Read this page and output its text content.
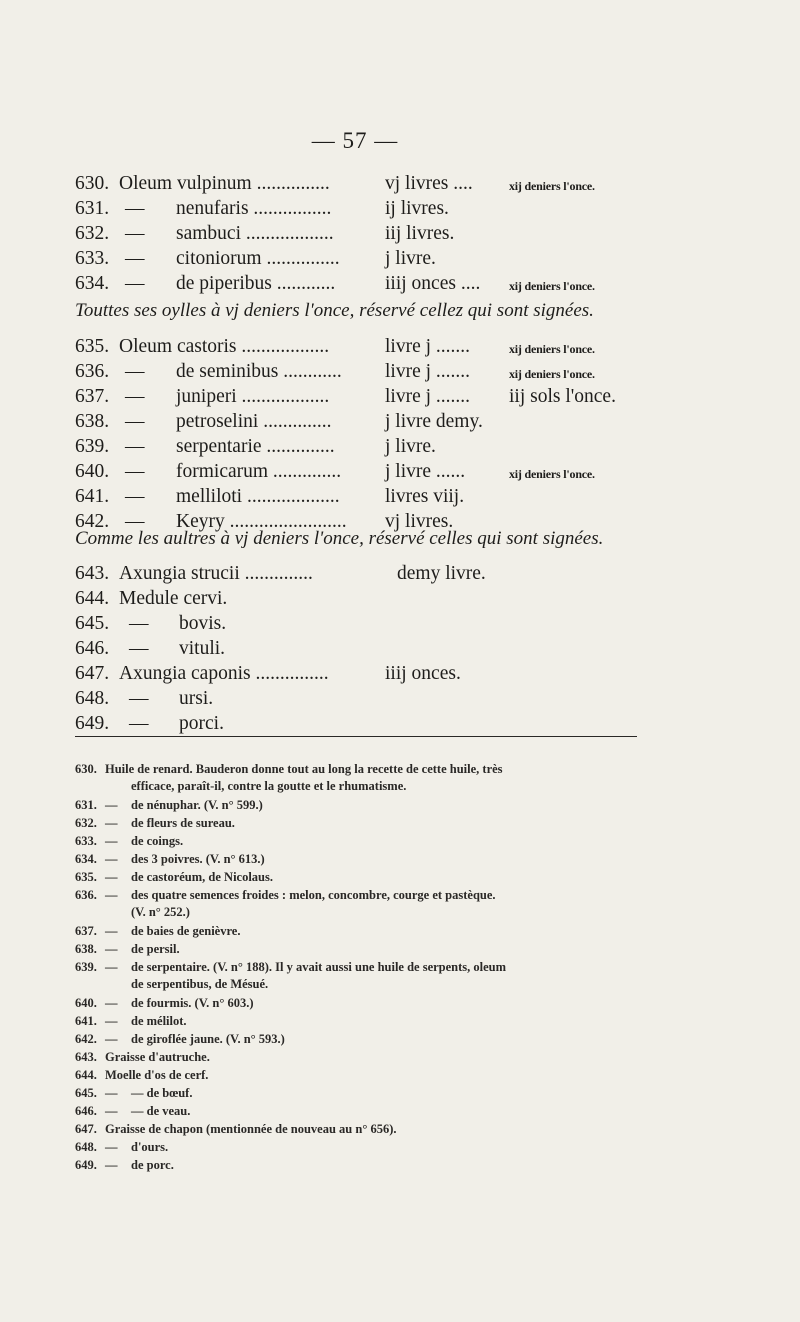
— 57 —
630. Oleum vulpinum ...............	vj livres ....	xij deniers l'once.
631. — nenufaris ................	ij livres.
632. — sambuci ..................	iij livres.
633. — citoniorum ............... j livre.
634. — de piperibus ............	iiij onces .... xij deniers l'once.
Touttes ses oylles à vj deniers l'once, réservé cellez qui sont signées.
635. Oleum castoris ..................	livre j .......	xij deniers l'once.
636. — de seminibus ............ livre j .......	xij deniers l'once.
637. — juniperi ..................	livre j ....... iij sols l'once.
638. — petroselini ..............	j livre demy.
639. — serpentarie ..............	j livre.
640. — formicarum .............. j livre ......	xij deniers l'once.
641. — melliloti ................... livres viij.
642. — Keyry ........................ vj livres.
Comme les aultres à vj deniers l'once, réservé celles qui sont signées.
643. Axungia strucii ..............	demy livre.
644. Medule cervi.
645. — bovis.
646. — vituli.
647. Axungia caponis ...............	iiij onces.
648. — ursi.
649. — porci.
630. Huile de renard. Bauderon donne tout au long la recette de cette huile, très
efficace, paraît-il, contre la goutte et le rhumatisme.
631. — de nénuphar. (V. n° 599.)
632. — de fleurs de sureau.
633. — de coings.
634. — des 3 poivres. (V. n° 613.)
635. — de castoréum, de Nicolaus.
636. — des quatre semences froides : melon, concombre, courge et pastèque.
(V. n° 252.)
637. — de baies de genièvre.
638. — de persil.
639. — de serpentaire. (V. n° 188). Il y avait aussi une huile de serpents, oleum
de serpentibus, de Mésué.
640. — de fourmis. (V. n° 603.)
641. — de mélilot.
642. — de giroflée jaune. (V. n° 593.)
643. Graisse d'autruche.
644. Moelle d'os de cerf.
645. — — de bœuf.
646. — — de veau.
647. Graisse de chapon (mentionnée de nouveau au n° 656).
648. — d'ours.
649. — de porc.
